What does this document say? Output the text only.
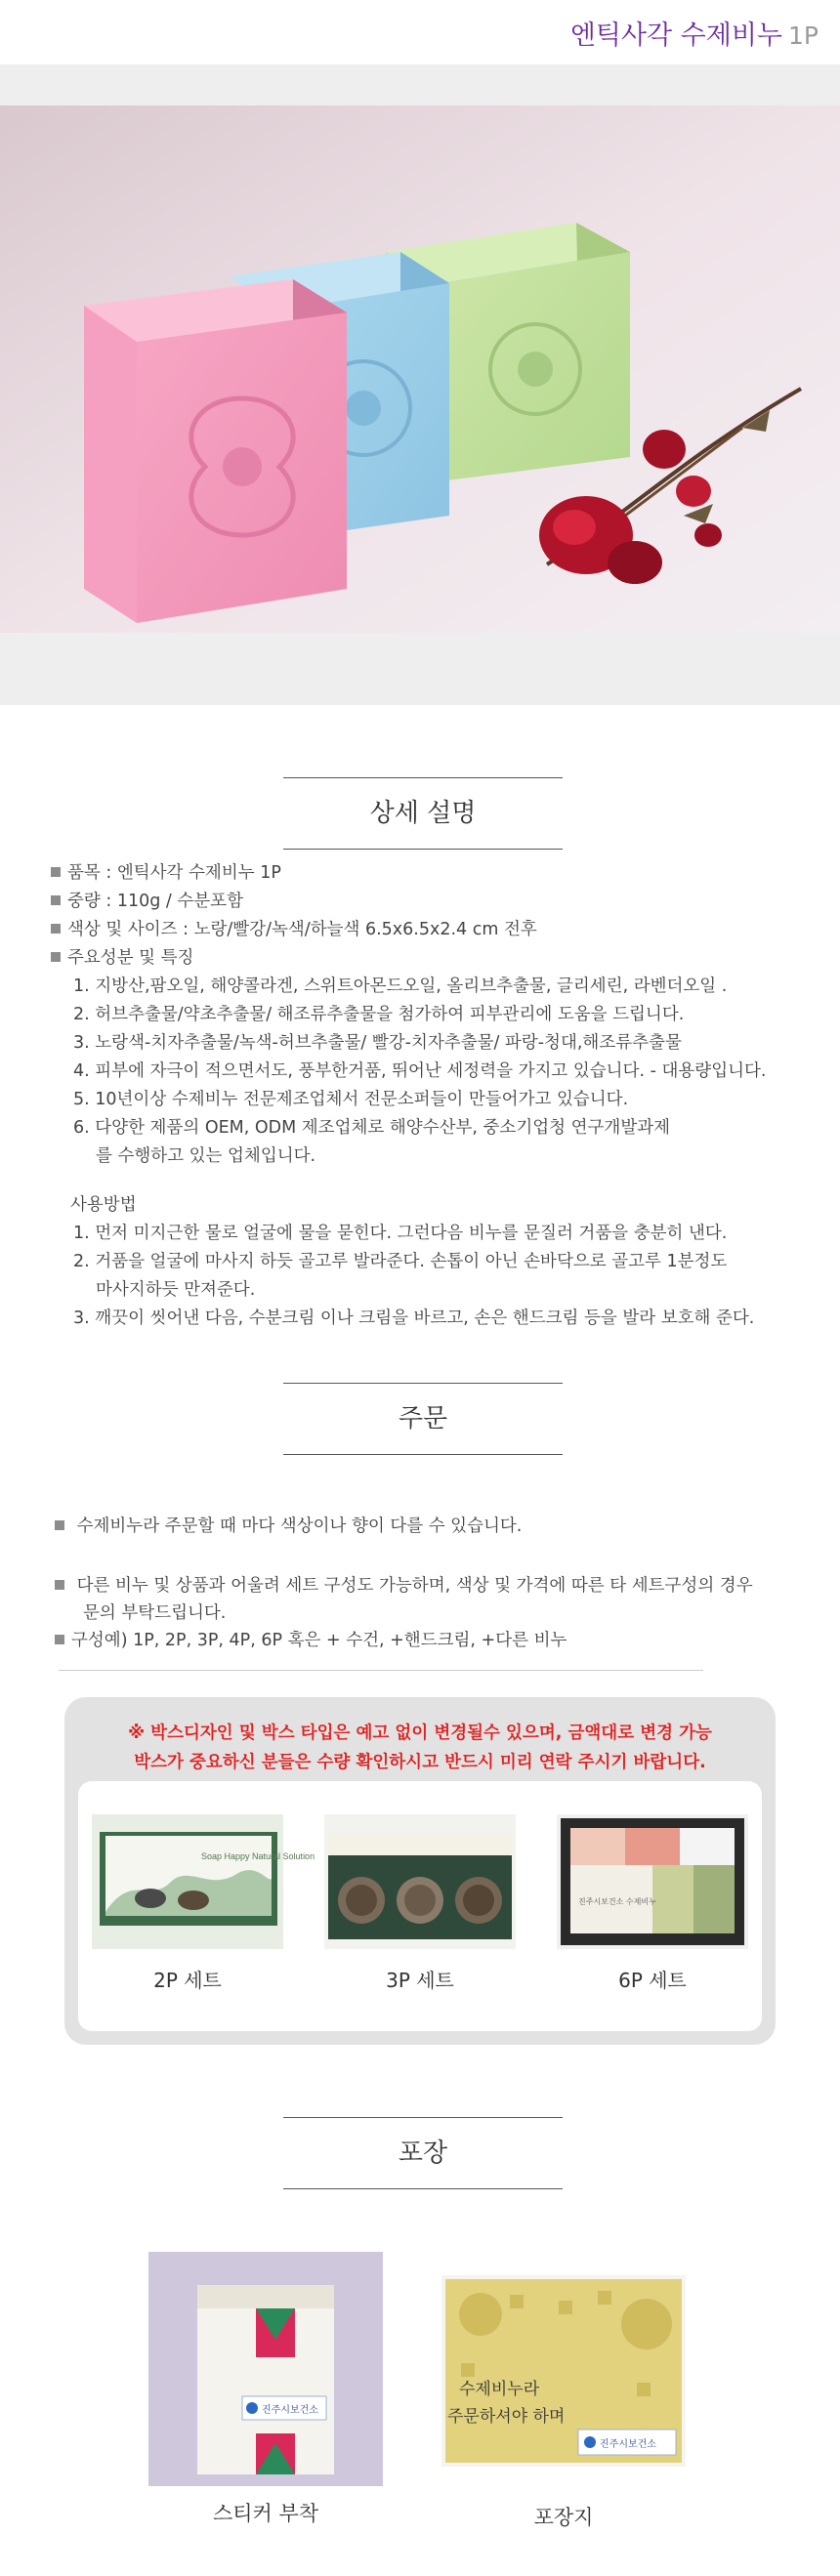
엔틱사각 수제비누 1P
상세 설명
품목 : 엔틱사각 수제비누 1P
중량 : 110g / 수분포함
색상 및 사이즈 : 노랑/빨강/녹색/하늘색 6.5x6.5x2.4 cm 전후
주요성분 및 특징
1. 지방산,팜오일, 해양콜라겐, 스위트아몬드오일, 올리브추출물, 글리세린, 라벤더오일 .
2. 허브추출물/약초추출물/ 해조류추출물을 첨가하여 피부관리에 도움을 드립니다.
3. 노랑색-치자추출물/녹색-허브추출물/ 빨강-치자추출물/ 파랑-청대,해조류추출물
4. 피부에 자극이 적으면서도, 풍부한거품, 뛰어난 세정력을 가지고 있습니다. - 대용량입니다.
5. 10년이상 수제비누 전문제조업체서 전문소퍼들이 만들어가고 있습니다.
6. 다양한 제품의 OEM, ODM 제조업체로 해양수산부, 중소기업청 연구개발과제
를 수행하고 있는 업체입니다.
사용방법
1. 먼저 미지근한 물로 얼굴에 물을 묻힌다. 그런다음 비누를 문질러 거품을 충분히 낸다.
2. 거품을 얼굴에 마사지 하듯 골고루 발라준다. 손톱이 아닌 손바닥으로 골고루 1분정도
마사지하듯 만져준다.
3. 깨끗이 씻어낸 다음, 수분크림 이나 크림을 바르고, 손은 핸드크림 등을 발라 보호해 준다.
주문
수제비누라 주문할 때 마다 색상이나 향이 다를 수 있습니다.
다른 비누 및 상품과 어울려 세트 구성도 가능하며, 색상 및 가격에 따른 타 세트구성의 경우
문의 부탁드립니다.
구성예) 1P, 2P, 3P, 4P, 6P 혹은 + 수건, +핸드크림, +다른 비누
※ 박스디자인 및 박스 타입은 예고 없이 변경될수 있으며, 금액대로 변경 가능
박스가 중요하신 분들은 수량 확인하시고 반드시 미리 연락 주시기 바랍니다.
Soap Happy Natural Solution
2P 세트	3P 세트
진주시보건소 수제비누
6P 세트
포장
진주시보건소
스티커 부착
수제비누라
주문하셔야 하며
진주시보건소
포장지
